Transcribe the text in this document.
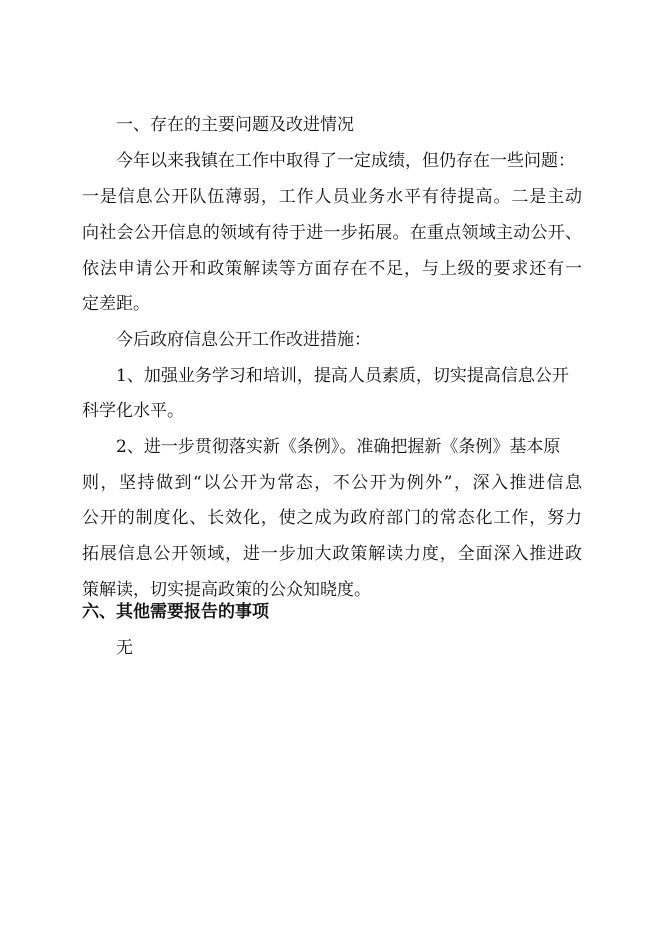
一、存在的主要问题及改进情况
今年以来我镇在工作中取得了一定成绩，但仍存在一些问题：
一是信息公开队伍薄弱，工作人员业务水平有待提高。二是主动
向社会公开信息的领域有待于进一步拓展。在重点领域主动公开、
依法申请公开和政策解读等方面存在不足，与上级的要求还有一
定差距。
今后政府信息公开工作改进措施：
1、加强业务学习和培训，提高人员素质，切实提高信息公开
科学化水平。
2、进一步贯彻落实新《条例》。准确把握新《条例》基本原
则，坚持做到“以公开为常态，不公开为例外”，深入推进信息
公开的制度化、长效化，使之成为政府部门的常态化工作，努力
拓展信息公开领域，进一步加大政策解读力度，全面深入推进政
策解读，切实提高政策的公众知晓度。
六、其他需要报告的事项
无
